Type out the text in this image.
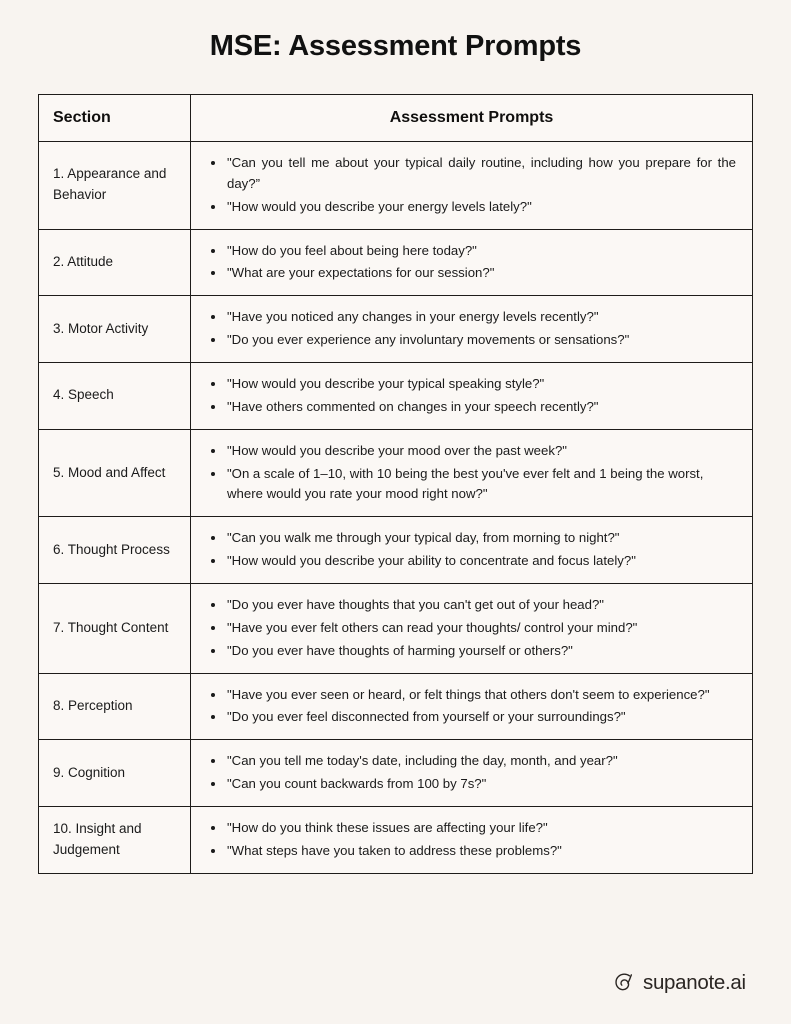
MSE: Assessment Prompts
Section	Assessment Prompts
1. Appearance and Behavior	
"Can you tell me about your typical daily routine, including how you prepare for the day?”
"How would you describe your energy levels lately?"

2. Attitude	
"How do you feel about being here today?"
"What are your expectations for our session?"

3. Motor Activity	
"Have you noticed any changes in your energy levels recently?"
"Do you ever experience any involuntary movements or sensations?"

4. Speech	
"How would you describe your typical speaking style?"
"Have others commented on changes in your speech recently?"

5. Mood and Affect	
"How would you describe your mood over the past week?"
"On a scale of 1–10, with 10 being the best you've ever felt and 1 being the worst, where would you rate your mood right now?"

6. Thought Process	
"Can you walk me through your typical day, from morning to night?"
"How would you describe your ability to concentrate and focus lately?"

7. Thought Content	
"Do you ever have thoughts that you can't get out of your head?"
"Have you ever felt others can read your thoughts/ control your mind?"
"Do you ever have thoughts of harming yourself or others?"

8. Perception	
"Have you ever seen or heard, or felt things that others don't seem to experience?"
"Do you ever feel disconnected from yourself or your surroundings?"

9. Cognition	
"Can you tell me today's date, including the day, month, and year?"
"Can you count backwards from 100 by 7s?"

10. Insight and Judgement	
"How do you think these issues are affecting your life?"
"What steps have you taken to address these problems?"
supanote.ai
